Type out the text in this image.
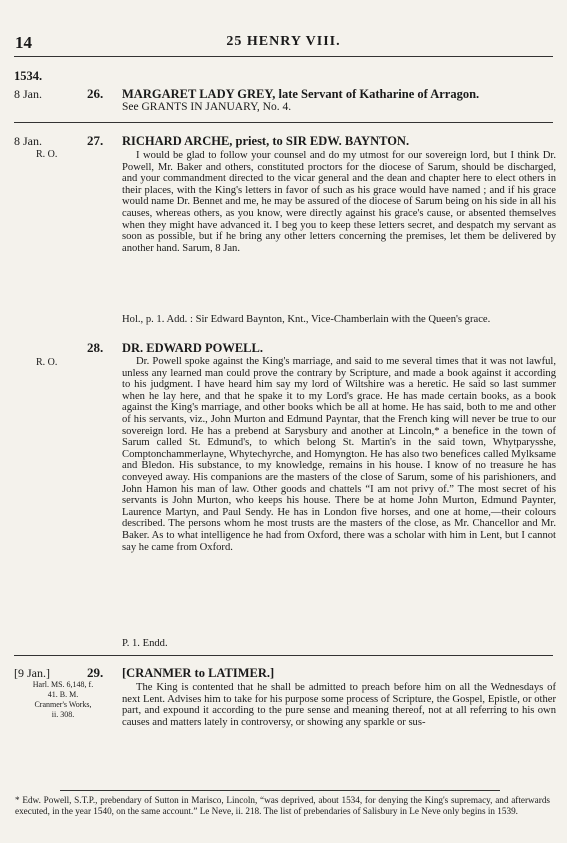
14	25 HENRY VIII.
1534.
8 Jan.	26. MARGARET LADY GREY, late Servant of Katharine of Arragon.
See GRANTS IN JANUARY, No. 4.
8 Jan.
R. O.
27. RICHARD ARCHE, priest, to SIR EDW. BAYNTON.
I would be glad to follow your counsel and do my utmost for our sovereign lord, but I think Dr. Powell, Mr. Baker and others, constituted proctors for the diocese of Sarum, should be discharged, and your commandment directed to the vicar general and the dean and chapter here to elect others in their places, with the King's letters in favor of such as his grace would have named ; and if his grace would name Dr. Bennet and me, he may be assured of the diocese of Sarum being on his side in all his causes, whereas others, as you know, were directly against his grace's cause, or absented themselves when they might have advanced it. I beg you to keep these letters secret, and despatch my servant as soon as possible, but if he bring any other letters concerning the premises, let them be delivered by another hand. Sarum, 8 Jan.
Hol., p. 1. Add. : Sir Edward Baynton, Knt., Vice-Chamberlain with the Queen's grace.
28. DR. EDWARD POWELL.
R. O.	Dr. Powell spoke against the King's marriage, and said to me several times that it was not lawful, unless any learned man could prove the contrary by Scripture, and made a book against it according to his judgment. I have heard him say my lord of Wiltshire was a heretic. He said so last summer when he lay here, and that he spake it to my Lord's grace. He has made certain books, as a book against the King's marriage, and other books which be all at home. He has said, both to me and other of his servants, viz., John Murton and Edmund Payntar, that the French king will never be true to our sovereign lord. He has a prebend at Sarysbury and another at Lincoln,* a benefice in the town of Sarum called St. Edmund's, to which belong St. Martin's in the said town, Whytparysshe, Comptonchammerlayne, Whytechyrche, and Homyngton. He has also two benefices called Mylksame and Bledon. His substance, to my knowledge, remains in his house. I know of no treasure he has conveyed away. His companions are the masters of the close of Sarum, some of his parishioners, and John Hamon his man of law. Other goods and chattels “I am not privy of.” The most secret of his servants is John Murton, who keeps his house. There be at home John Murton, Edmund Paynter, Laurence Martyn, and Paul Sendy. He has in London five horses, and one at home,—their colours described. The persons whom he most trusts are the masters of the close, as Mr. Chancellor and Mr. Baker. As to what intelligence he had from Oxford, there was a scholar with him in Lent, but I cannot say he came from Oxford.
P. 1. Endd.
[9 Jan.]
Harl. MS. 6,148, f. 41. B. M. Cranmer's Works, ii. 308.
29. [CRANMER to LATIMER.]
The King is contented that he shall be admitted to preach before him on all the Wednesdays of next Lent. Advises him to take for his purpose some process of Scripture, the Gospel, Epistle, or other part, and expound it according to the pure sense and meaning thereof, not at all referring to his own causes and matters lately in controversy, or showing any sparkle or sus-
* Edw. Powell, S.T.P., prebendary of Sutton in Marisco, Lincoln, “was deprived, about 1534, for denying the King's supremacy, and afterwards executed, in the year 1540, on the same account.” Le Neve, ii. 218. The list of prebendaries of Salisbury in Le Neve only begins in 1539.
